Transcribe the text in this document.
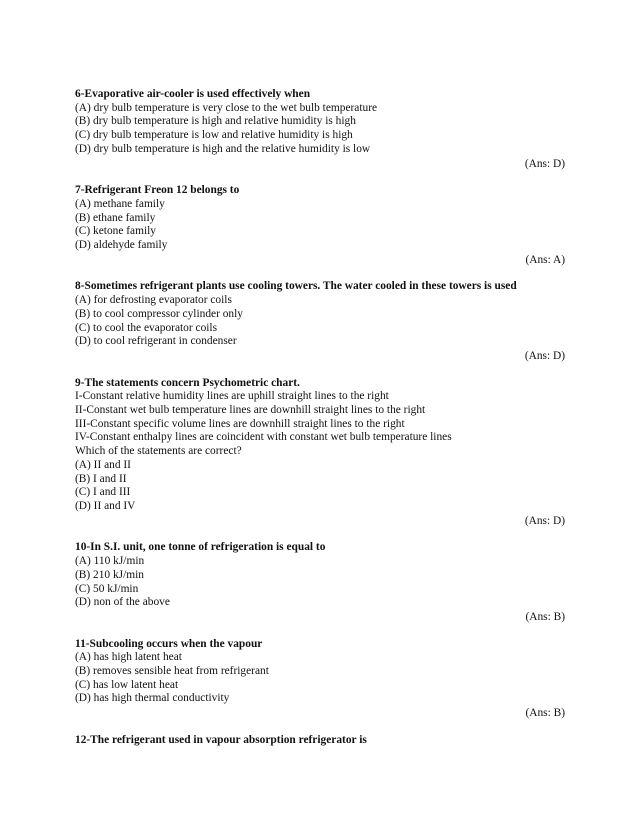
6-Evaporative air-cooler is used effectively when
(A) dry bulb temperature is very close to the wet bulb temperature
(B) dry bulb temperature is high and relative humidity is high
(C) dry bulb temperature is low and relative humidity is high
(D) dry bulb temperature is high and the relative humidity is low
(Ans: D)
7-Refrigerant Freon 12 belongs to
(A) methane family
(B) ethane family
(C) ketone family
(D) aldehyde family
(Ans: A)
8-Sometimes refrigerant plants use cooling towers. The water cooled in these towers is used
(A) for defrosting evaporator coils
(B) to cool compressor cylinder only
(C) to cool the evaporator coils
(D) to cool refrigerant in condenser
(Ans: D)
9-The statements concern Psychometric chart.
I-Constant relative humidity lines are uphill straight lines to the right
II-Constant wet bulb temperature lines are downhill straight lines to the right
III-Constant specific volume lines are downhill straight lines to the right
IV-Constant enthalpy lines are coincident with constant wet bulb temperature lines
Which of the statements are correct?
(A) II and II
(B) I and II
(C) I and III
(D) II and IV
(Ans: D)
10-In S.I. unit, one tonne of refrigeration is equal to
(A) 110 kJ/min
(B) 210 kJ/min
(C) 50 kJ/min
(D) non of the above
(Ans: B)
11-Subcooling occurs when the vapour
(A) has high latent heat
(B) removes sensible heat from refrigerant
(C) has low latent heat
(D) has high thermal conductivity
(Ans: B)
12-The refrigerant used in vapour absorption refrigerator is
